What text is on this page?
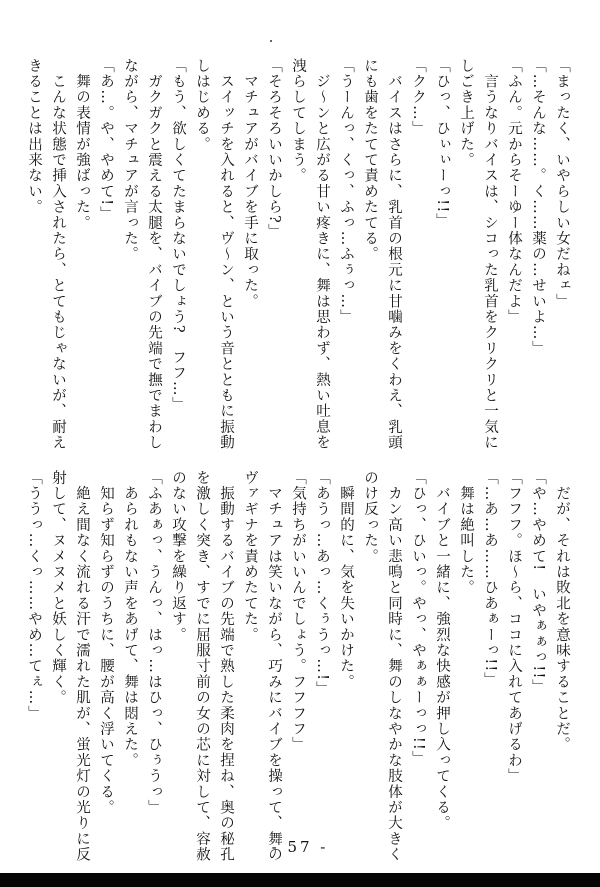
「まったく、いやらしい女だねェ」

「…そんな……。く……薬の…せいよ…」

「ふん。元からそーゆー体なんだよ」

　言うなりバイスは、シコった乳首をクリクリと一気に

しごき上げた。

「ひっ、ひぃぃーっ!!」

「クク…」

　バイスはさらに、乳首の根元に甘噛みをくわえ、乳頭

にも歯をたてて責めたてる。

「うーんっ、くっ、ふっ…ふぅっ…」

　ジ～ンと広がる甘い疼きに、舞は思わず、熱い吐息を

洩らしてしまう。

「そろそろいいかしら?」

　マチュアがバイブを手に取った。

　スイッチを入れると、ヴ～ン、という音とともに振動

しはじめる。

「もう、欲しくてたまらないでしょう?　フフ…」

　ガクガクと震える太腿を、バイブの先端で撫でまわし

ながら、マチュアが言った。

「あ…。や、やめて!」

　舞の表情が強ばった。

　こんな状態で挿入されたら、とてもじゃないが、耐え

きることは出来ない。

　だが、それは敗北を意味することだ。

「や…やめて!　いやぁぁっ!!」

「フフフ。ほ～ら、ココに入れてあげるわ」

「…あ…あ……ひあぁーっ!!」

　舞は絶叫した。

　バイブと一緒に、強烈な快感が押し入ってくる。

「ひっ、ひいっ。やっ、やぁぁーっっ!!」

　カン高い悲鳴と同時に、舞のしなやかな肢体が大きく

のけ反った。

　瞬間的に、気を失いかけた。

「あうっ…あっ…くぅうっ…!」

「気持ちがいいんでしょう。フフフフ」

　マチュアは笑いながら、巧みにバイブを操って、舞の

ヴァギナを責めたてた。

　振動するバイブの先端で熟した柔肉を捏ね、奥の秘孔

を激しく突き、すでに屈服寸前の女の芯に対して、容赦

のない攻撃を繰り返す。

「ふあぁっ、うんっ、はっ…はひっ、ひぅうっ」

　あられもない声をあげて、舞は悶えた。

　知らず知らずのうちに、腰が高く浮いてくる。

　絶え間なく流れる汗で濡れた肌が、蛍光灯の光りに反

射して、ヌメヌメと妖しく輝く。

「ううっ…くっ……やめ…てぇ…」

- 57 -
